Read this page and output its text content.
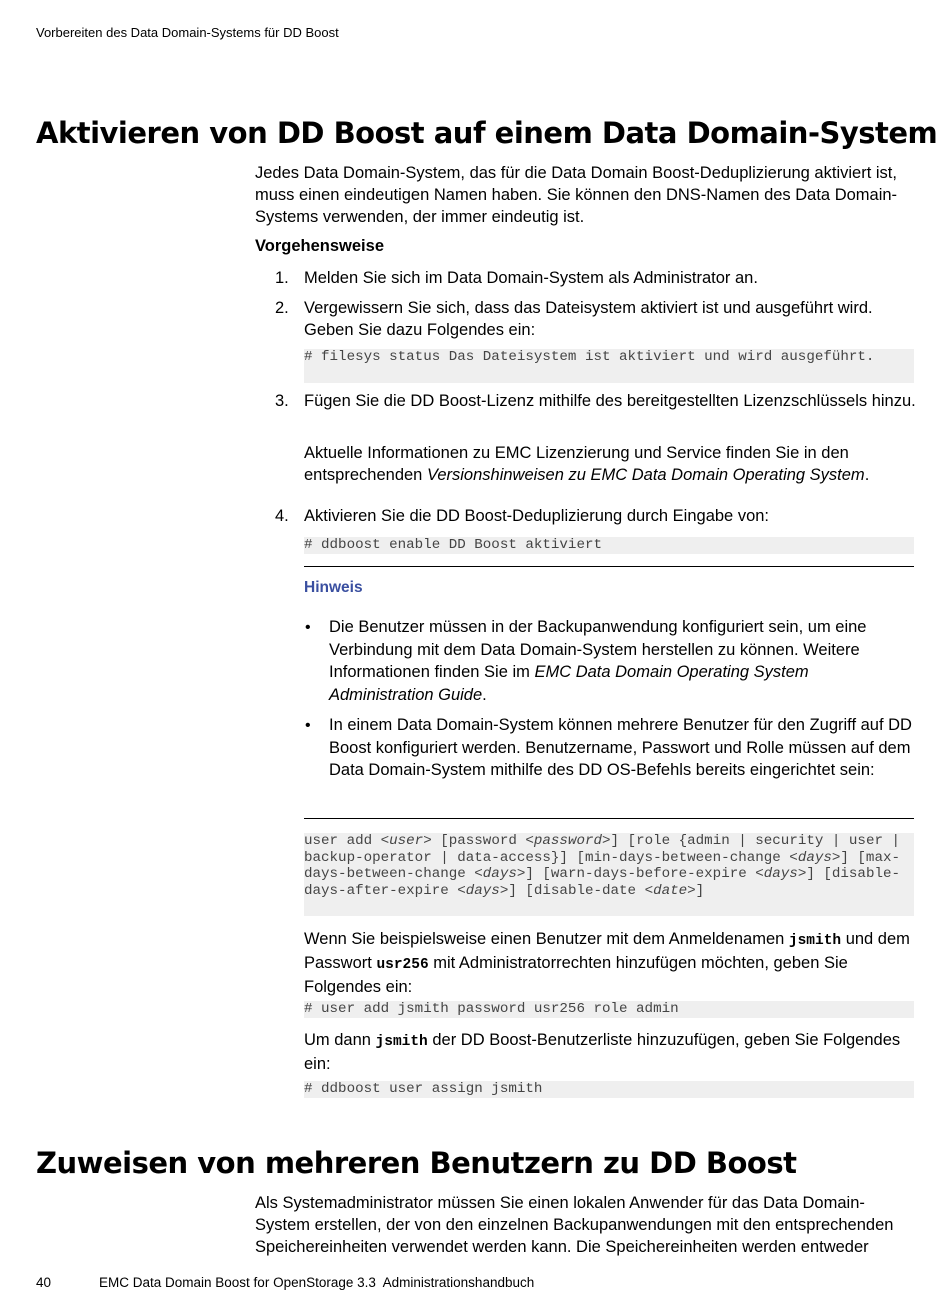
Vorbereiten des Data Domain-Systems für DD Boost
Aktivieren von DD Boost auf einem Data Domain-System

Jedes Data Domain-System, das für die Data Domain Boost-Deduplizierung aktiviert ist, muss einen eindeutigen Namen haben. Sie können den DNS-Namen des Data Domain-Systems verwenden, der immer eindeutig ist.

Vorgehensweise
1. Melden Sie sich im Data Domain-System als Administrator an.
2. Vergewissern Sie sich, dass das Dateisystem aktiviert ist und ausgeführt wird. Geben Sie dazu Folgendes ein:
# filesys status Das Dateisystem ist aktiviert und wird ausgeführt.
3. Fügen Sie die DD Boost-Lizenz mithilfe des bereitgestellten Lizenzschlüssels hinzu.
Aktuelle Informationen zu EMC Lizenzierung und Service finden Sie in den entsprechenden Versionshinweisen zu EMC Data Domain Operating System.
4. Aktivieren Sie die DD Boost-Deduplizierung durch Eingabe von:
# ddboost enable DD Boost aktiviert
Hinweis
• Die Benutzer müssen in der Backupanwendung konfiguriert sein, um eine Verbindung mit dem Data Domain-System herstellen zu können. Weitere Informationen finden Sie im EMC Data Domain Operating System Administration Guide.
• In einem Data Domain-System können mehrere Benutzer für den Zugriff auf DD Boost konfiguriert werden. Benutzername, Passwort und Rolle müssen auf dem Data Domain-System mithilfe des DD OS-Befehls bereits eingerichtet sein:
user add <user> [password <password>] [role {admin | security | user | backup-operator | data-access}] [min-days-between-change <days>] [max-days-between-change <days>] [warn-days-before-expire <days>] [disable-days-after-expire <days>] [disable-date <date>]
Wenn Sie beispielsweise einen Benutzer mit dem Anmeldenamen jsmith und dem Passwort usr256 mit Administratorrechten hinzufügen möchten, geben Sie Folgendes ein:
# user add jsmith password usr256 role admin
Um dann jsmith der DD Boost-Benutzerliste hinzuzufügen, geben Sie Folgendes ein:
# ddboost user assign jsmith
Zuweisen von mehreren Benutzern zu DD Boost
Als Systemadministrator müssen Sie einen lokalen Anwender für das Data Domain-System erstellen, der von den einzelnen Backupanwendungen mit den entsprechenden Speichereinheiten verwendet werden kann. Die Speichereinheiten werden entweder
40	EMC Data Domain Boost for OpenStorage 3.3  Administrationshandbuch
